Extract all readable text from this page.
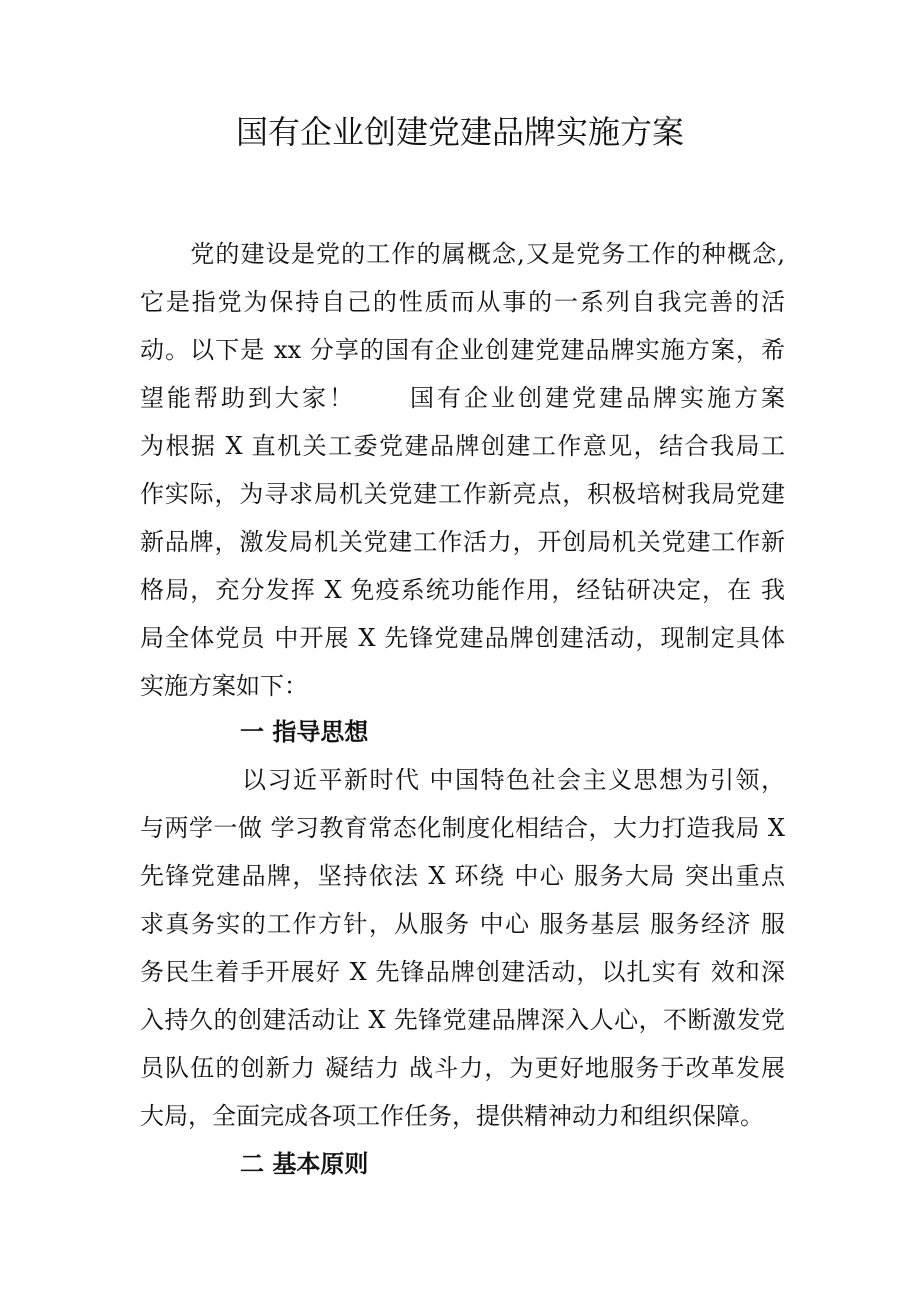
国有企业创建党建品牌实施方案
　　党的建设是党的工作的属概念,又是党务工作的种概念,
它是指党为保持自己的性质而从事的一系列自我完善的活
动。以下是 xx 分享的国有企业创建党建品牌实施方案，希
望能帮助到大家！　　国有企业创建党建品牌实施方案
为根据 X 直机关工委党建品牌创建工作意见，结合我局工
作实际，为寻求局机关党建工作新亮点，积极培树我局党建
新品牌，激发局机关党建工作活力，开创局机关党建工作新
格局，充分发挥 X 免疫系统功能作用，经钻研决定，在 我
局全体党员 中开展 X 先锋党建品牌创建活动，现制定具体
实施方案如下：
一 指导思想
　　　　以习近平新时代 中国特色社会主义思想为引领，
与两学一做 学习教育常态化制度化相结合，大力打造我局 X
先锋党建品牌，坚持依法 X 环绕 中心 服务大局 突出重点
求真务实的工作方针，从服务 中心 服务基层 服务经济 服
务民生着手开展好 X 先锋品牌创建活动，以扎实有 效和深
入持久的创建活动让 X 先锋党建品牌深入人心，不断激发党
员队伍的创新力 凝结力 战斗力，为更好地服务于改革发展
大局，全面完成各项工作任务，提供精神动力和组织保障。
二 基本原则
